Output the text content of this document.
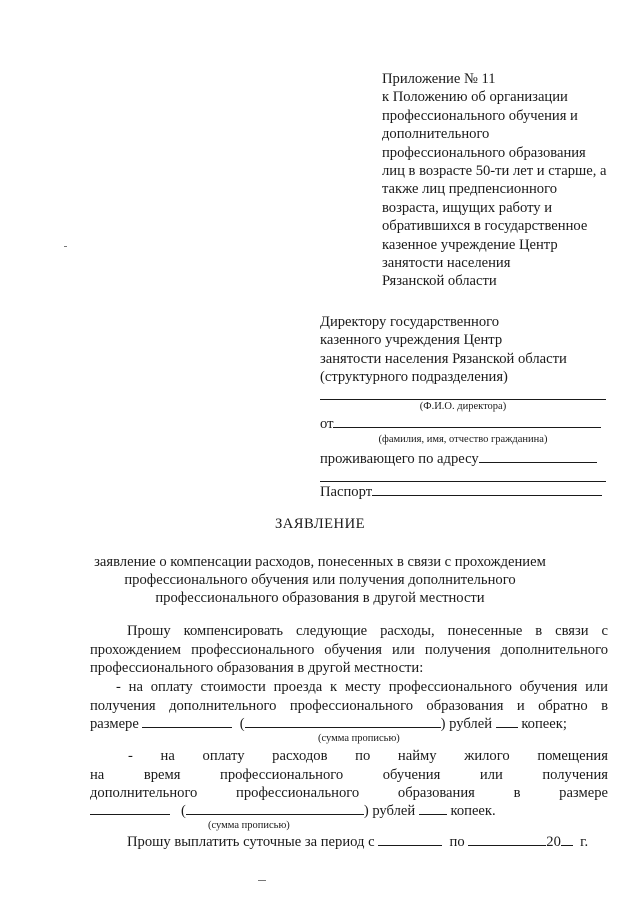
Приложение № 11
к Положению об организации
профессионального обучения и
дополнительного
профессионального образования
лиц в возрасте 50-ти лет и старше, а
также лиц предпенсионного
возраста, ищущих работу и
обратившихся в государственное
казенное учреждение Центр
занятости населения
Рязанской области
Директору государственного
казенного учреждения Центр
занятости населения Рязанской области
(структурного подразделения)
(Ф.И.О. директора)
от
(фамилия, имя, отчество гражданина)
проживающего по адресу
Паспорт
ЗАЯВЛЕНИЕ
заявление о компенсации расходов, понесенных в связи с прохождением
профессионального обучения или получения дополнительного
профессионального образования в другой местности
Прошу компенсировать следующие расходы, понесенные в связи с
прохождением профессионального обучения или получения дополнительного
профессионального образования в другой местности:
- на оплату стоимости проезда к месту профессионального обучения или
получения дополнительного профессионального образования и обратно в
размере	(	) рублей копеек;
(сумма прописью)
- на оплату расходов по найму жилого помещения
на	время	профессионального	обучения	или	получения
дополнительного	профессионального	образования	в	размере
(	) рублей копеек.
(сумма прописью)
Прошу выплатить суточные за период с	по	20 г.
